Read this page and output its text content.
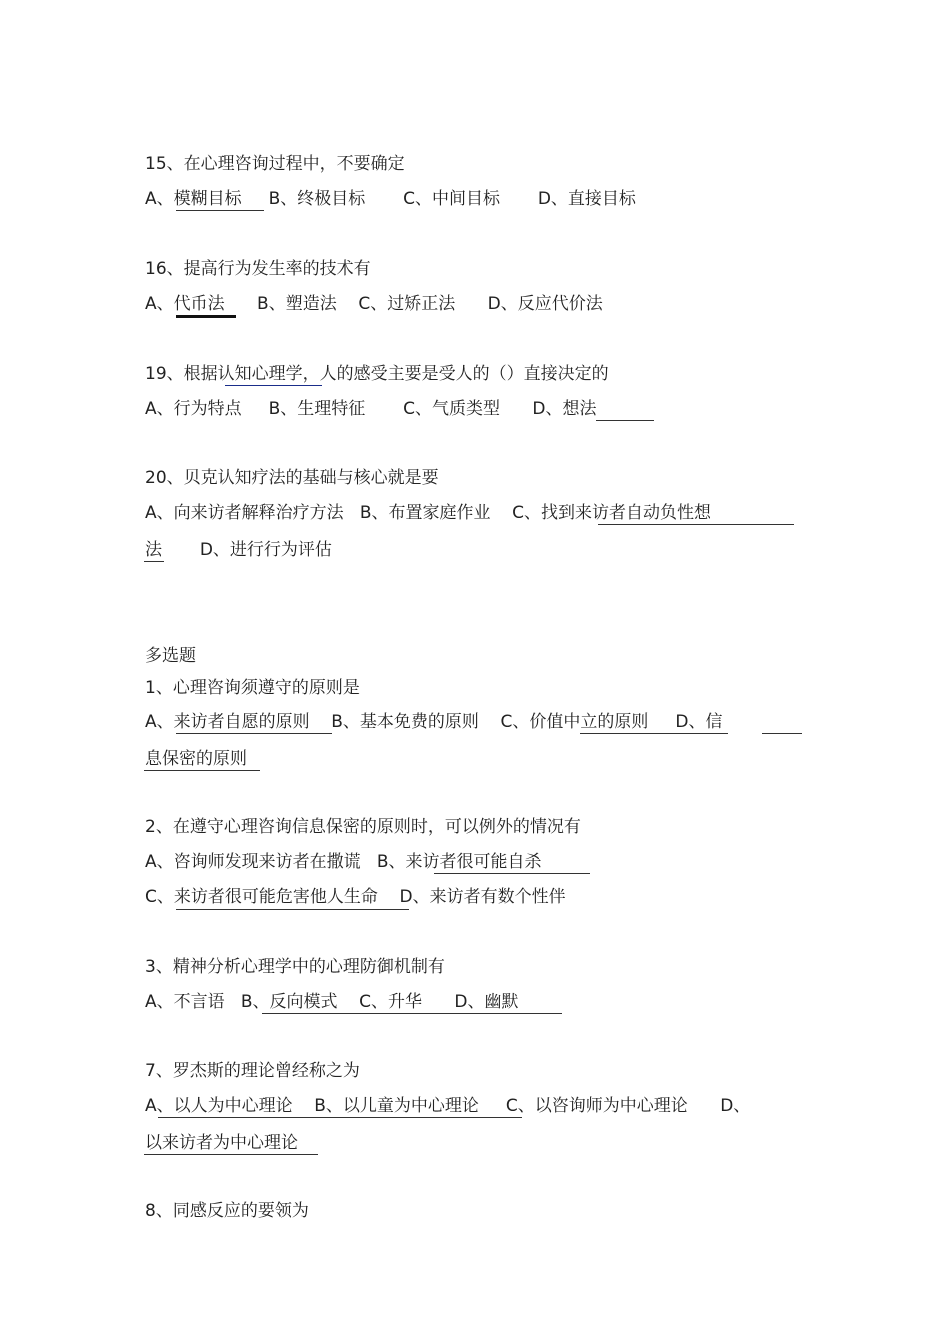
15、在心理咨询过程中，不要确定
A、模糊目标     B、终极目标       C、中间目标       D、直接目标
16、提高行为发生率的技术有
A、代币法      B、塑造法    C、过矫正法      D、反应代价法
19、根据认知心理学，人的感受主要是受人的（）直接决定的
A、行为特点     B、生理特征       C、气质类型      D、想法
20、贝克认知疗法的基础与核心就是要
A、向来访者解释治疗方法   B、布置家庭作业    C、找到来访者自动负性想
法       D、进行行为评估
多选题
1、心理咨询须遵守的原则是
A、来访者自愿的原则    B、基本免费的原则    C、价值中立的原则     D、信
息保密的原则
2、在遵守心理咨询信息保密的原则时，可以例外的情况有
A、咨询师发现来访者在撒谎   B、来访者很可能自杀
C、来访者很可能危害他人生命    D、来访者有数个性伴
3、精神分析心理学中的心理防御机制有
A、不言语   B、反向模式    C、升华      D、幽默
7、罗杰斯的理论曾经称之为
A、以人为中心理论    B、以儿童为中心理论     C、以咨询师为中心理论      D、
以来访者为中心理论
8、同感反应的要领为
